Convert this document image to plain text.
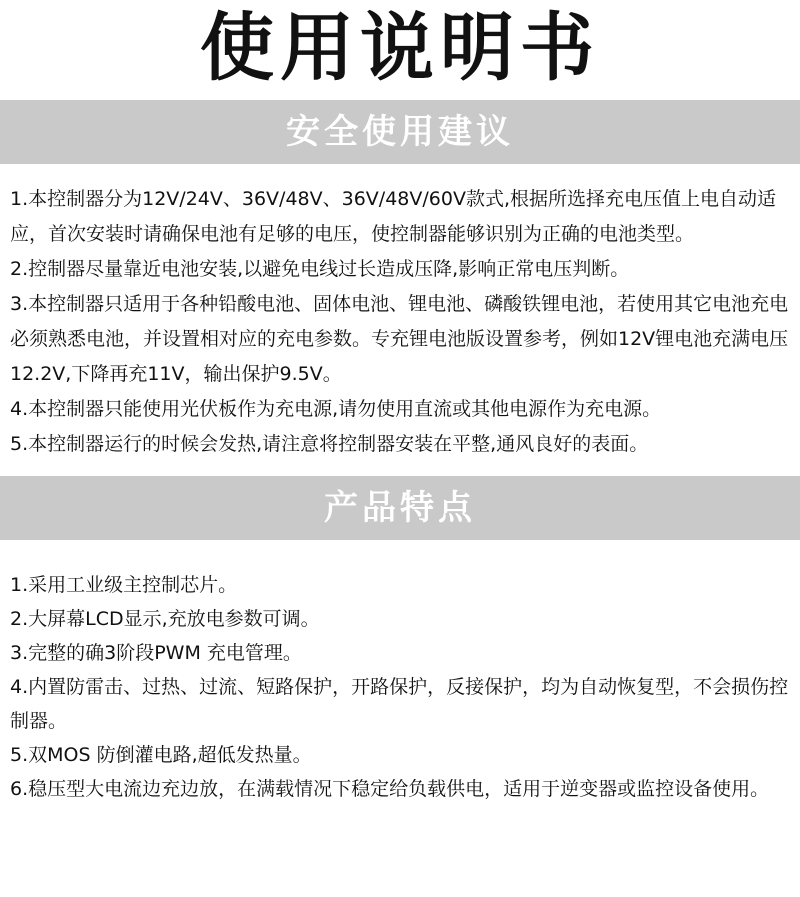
使用说明书
安全使用建议
1.本控制器分为12V/24V、36V/48V、36V/48V/60V款式,根据所选择充电压值上电自动适应，首次安装时请确保电池有足够的电压，使控制器能够识别为正确的电池类型。
2.控制器尽量靠近电池安装,以避免电线过长造成压降,影响正常电压判断。
3.本控制器只适用于各种铅酸电池、固体电池、锂电池、磷酸铁锂电池，若使用其它电池充电必须熟悉电池，并设置相对应的充电参数。专充锂电池版设置参考，例如12V锂电池充满电压12.2V,下降再充11V，输出保护9.5V。
4.本控制器只能使用光伏板作为充电源,请勿使用直流或其他电源作为充电源。
5.本控制器运行的时候会发热,请注意将控制器安装在平整,通风良好的表面。
产品特点
1.采用工业级主控制芯片。
2.大屏幕LCD显示,充放电参数可调。
3.完整的确3阶段PWM 充电管理。
4.内置防雷击、过热、过流、短路保护，开路保护，反接保护，均为自动恢复型，不会损伤控制器。
5.双MOS 防倒灌电路,超低发热量。
6.稳压型大电流边充边放，在满载情况下稳定给负载供电，适用于逆变器或监控设备使用。
